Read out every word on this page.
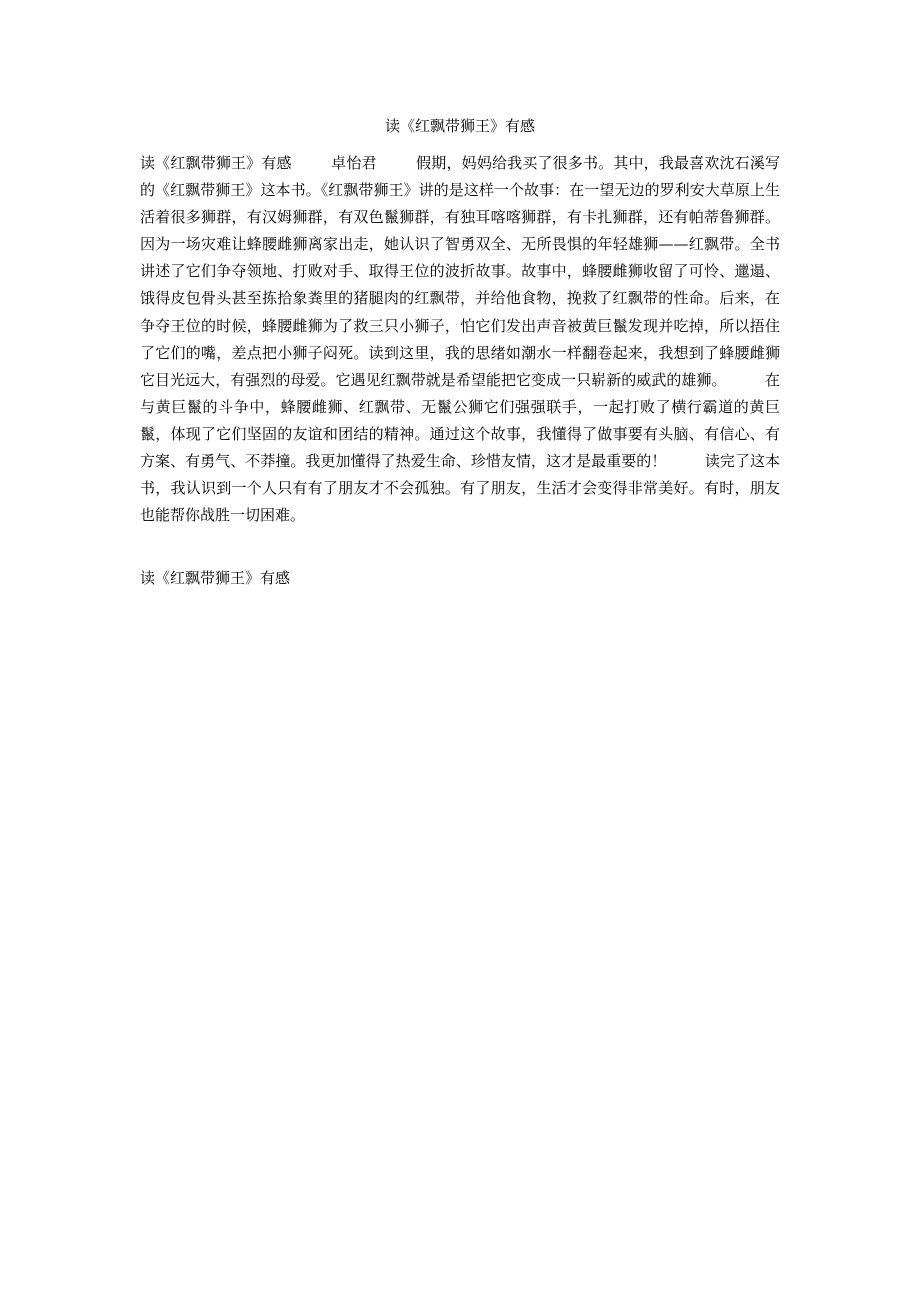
读《红飘带狮王》有感
读《红飘带狮王》有感        卓怡君        假期，妈妈给我买了很多书。其中，我最喜欢沈石溪写的《红飘带狮王》这本书。《红飘带狮王》讲的是这样一个故事：在一望无边的罗利安大草原上生活着很多狮群，有汉姆狮群，有双色鬣狮群，有独耳喀喀狮群，有卡扎狮群，还有帕蒂鲁狮群。因为一场灾难让蜂腰雌狮离家出走，她认识了智勇双全、无所畏惧的年轻雄狮——红飘带。全书讲述了它们争夺领地、打败对手、取得王位的波折故事。故事中，蜂腰雌狮收留了可怜、邋遢、饿得皮包骨头甚至拣拾象粪里的猪腿肉的红飘带，并给他食物，挽救了红飘带的性命。后来，在争夺王位的时候，蜂腰雌狮为了救三只小狮子，怕它们发出声音被黄巨鬣发现并吃掉，所以捂住了它们的嘴，差点把小狮子闷死。读到这里，我的思绪如潮水一样翻卷起来，我想到了蜂腰雌狮它目光远大，有强烈的母爱。它遇见红飘带就是希望能把它变成一只崭新的威武的雄狮。        在与黄巨鬣的斗争中，蜂腰雌狮、红飘带、无鬣公狮它们强强联手，一起打败了横行霸道的黄巨鬣，体现了它们坚固的友谊和团结的精神。通过这个故事，我懂得了做事要有头脑、有信心、有方案、有勇气、不莽撞。我更加懂得了热爱生命、珍惜友情，这才是最重要的！        读完了这本书，我认识到一个人只有有了朋友才不会孤独。有了朋友，生活才会变得非常美好。有时，朋友也能帮你战胜一切困难。
读《红飘带狮王》有感
